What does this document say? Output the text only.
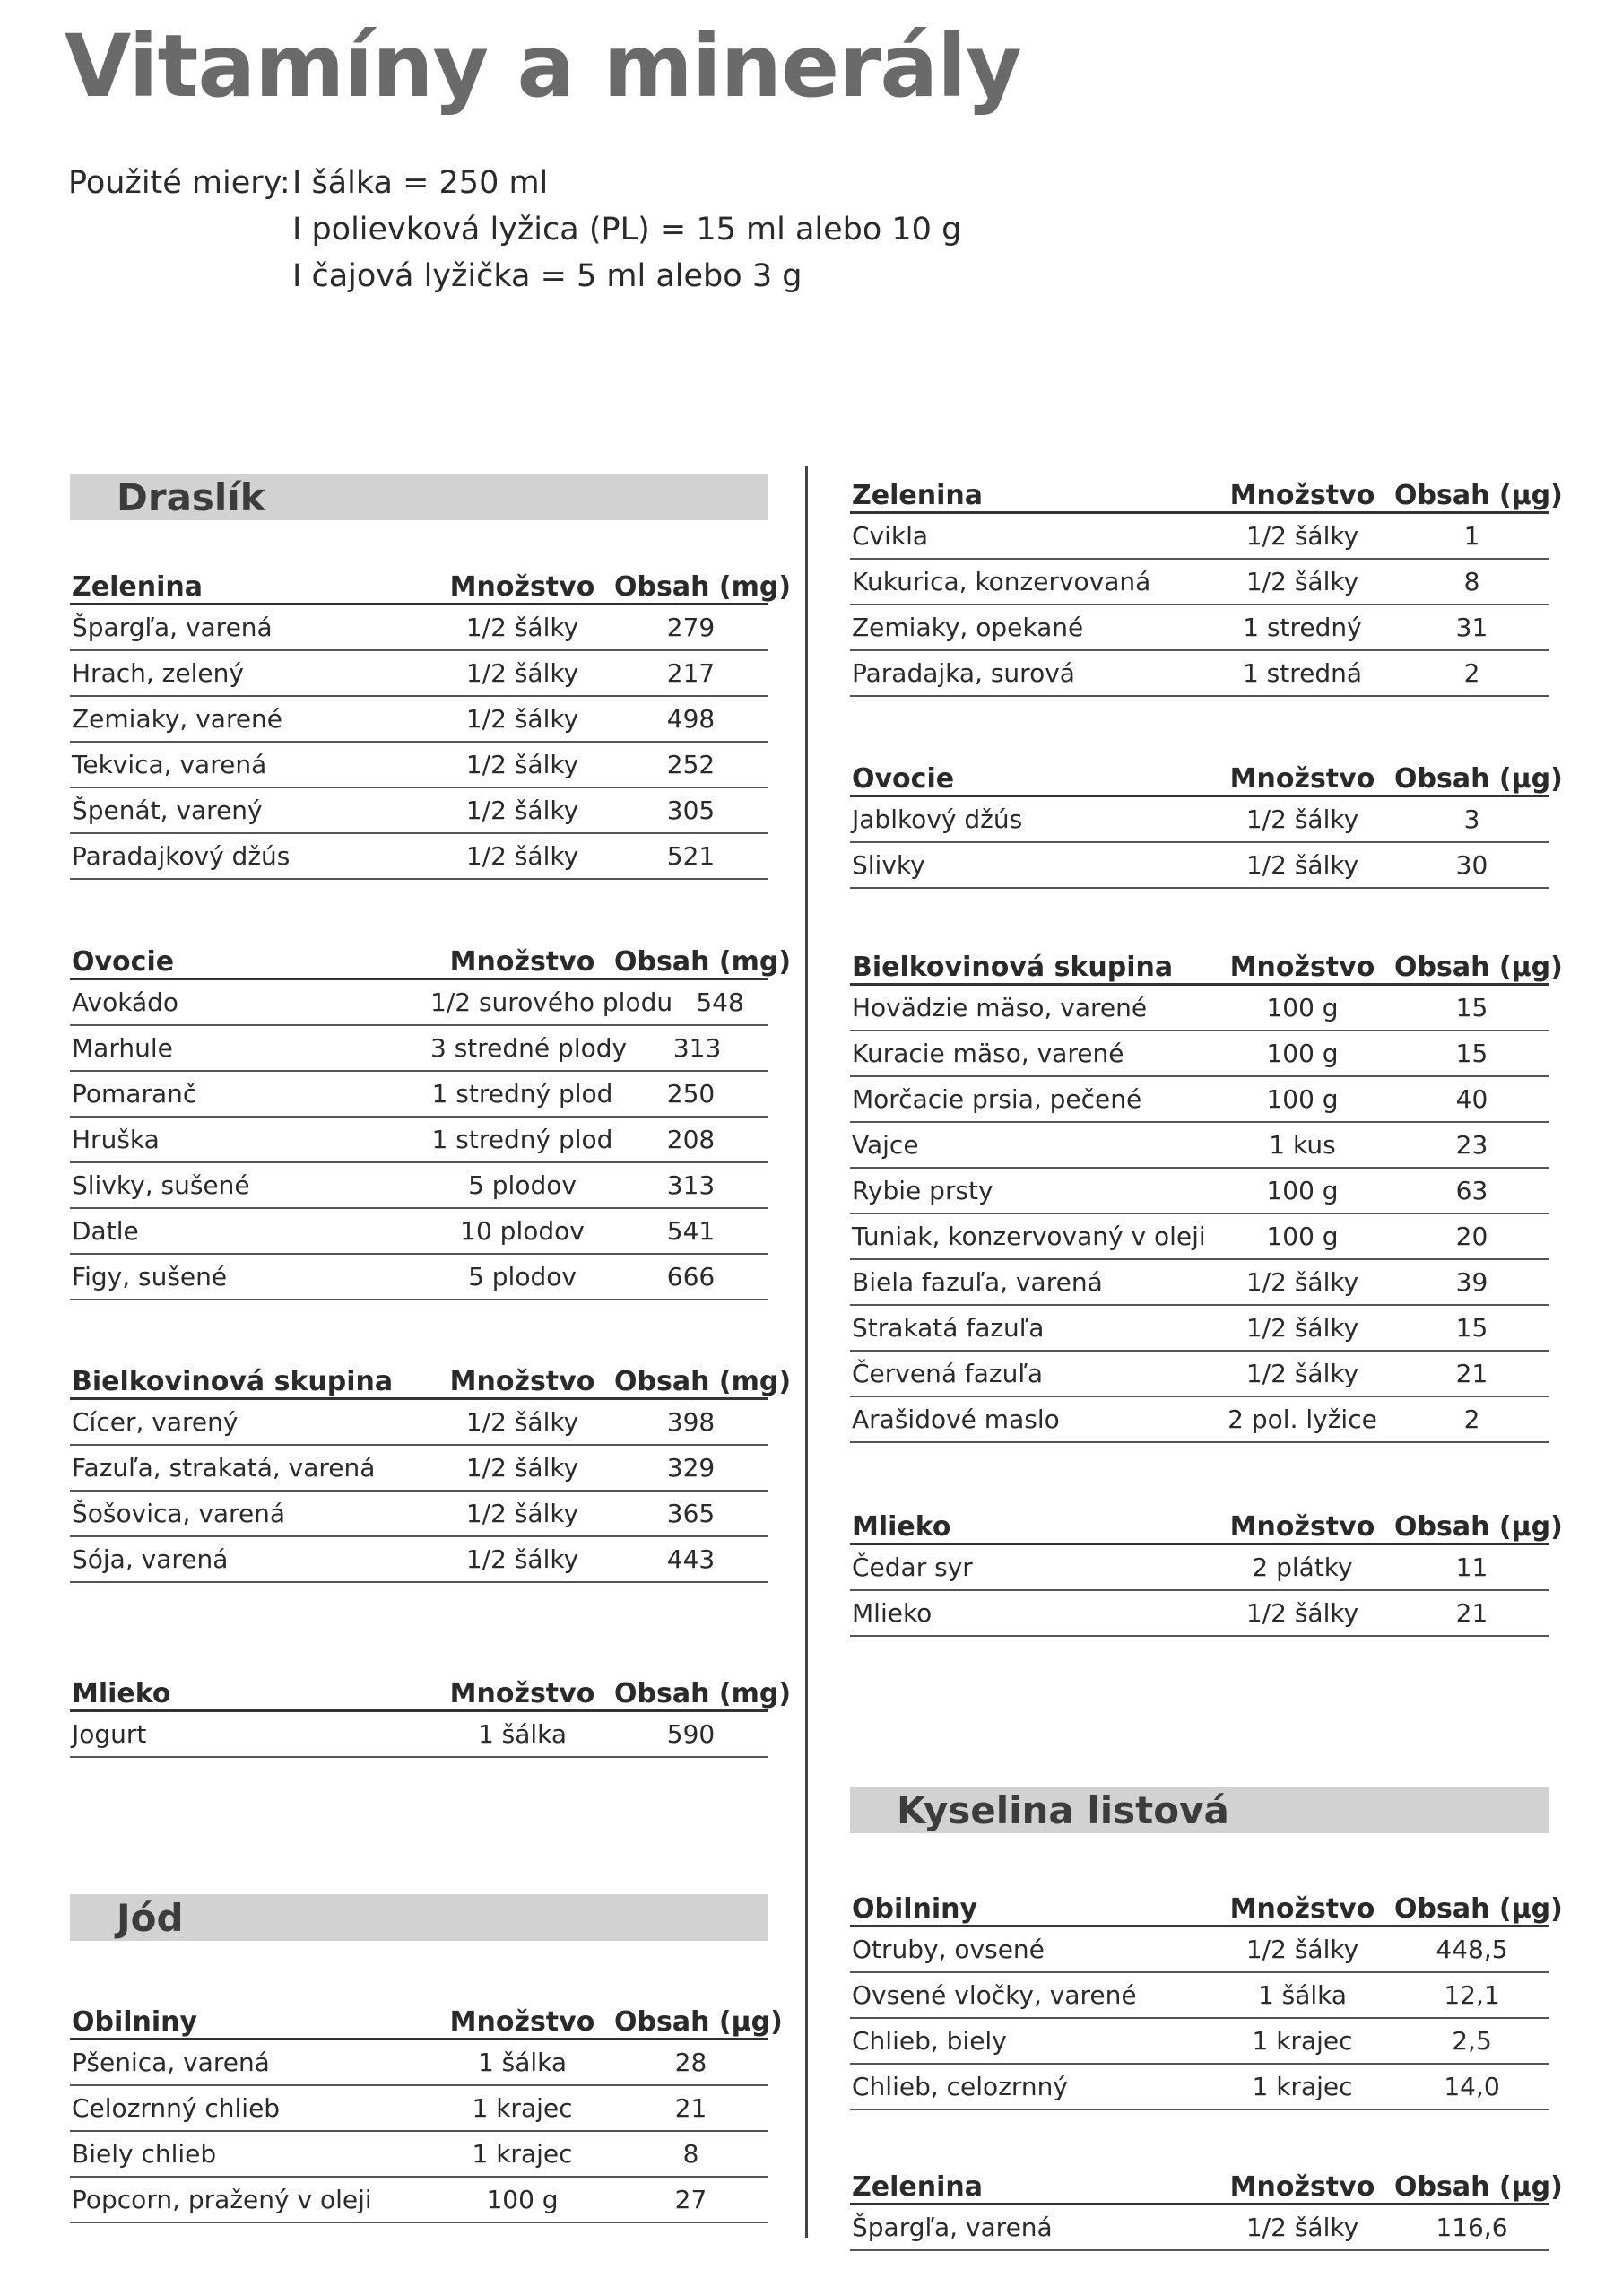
Vitamíny a minerály
Použité miery: I šálka = 250 ml
I polievková lyžica (PL) = 15 ml alebo 10 g
I čajová lyžička = 5 ml alebo 3 g
Draslík
Zelenina	Množstvo Obsah (mg)
Špargľa, varená	1/2 šálky	279
Hrach, zelený	1/2 šálky	217
Zemiaky, varené	1/2 šálky	498
Tekvica, varená	1/2 šálky	252
Špenát, varený	1/2 šálky	305
Paradajkový džús	1/2 šálky	521
Ovocie	Množstvo Obsah (mg)
Avokádo	1/2 surového plodu 548
Marhule	3 stredné plody	313
Pomaranč	1 stredný plod	250
Hruška	1 stredný plod	208
Slivky, sušené	5 plodov	313
Datle	10 plodov	541
Figy, sušené	5 plodov	666
Bielkovinová skupina	Množstvo Obsah (mg)
Cícer, varený	1/2 šálky	398
Fazuľa, strakatá, varená	1/2 šálky	329
Šošovica, varená	1/2 šálky	365
Sója, varená	1/2 šálky	443
Mlieko	Množstvo Obsah (mg)
Jogurt	1 šálka	590
Jód
Obilniny	Množstvo Obsah (µg)
Pšenica, varená	1 šálka	28
Celozrnný chlieb	1 krajec	21
Biely chlieb	1 krajec	8
Popcorn, pražený v oleji	100 g	27
Zelenina	Množstvo Obsah (µg)
Cvikla	1/2 šálky	1
Kukurica, konzervovaná	1/2 šálky	8
Zemiaky, opekané	1 stredný	31
Paradajka, surová	1 stredná	2
Ovocie	Množstvo Obsah (µg)
Jablkový džús	1/2 šálky	3
Slivky	1/2 šálky	30
Bielkovinová skupina	Množstvo Obsah (µg)
Hovädzie mäso, varené	100 g	15
Kuracie mäso, varené	100 g	15
Morčacie prsia, pečené	100 g	40
Vajce	1 kus	23
Rybie prsty	100 g	63
Tuniak, konzervovaný v oleji	100 g	20
Biela fazuľa, varená	1/2 šálky	39
Strakatá fazuľa	1/2 šálky	15
Červená fazuľa	1/2 šálky	21
Arašidové maslo	2 pol. lyžice	2
Mlieko	Množstvo Obsah (µg)
Čedar syr	2 plátky	11
Mlieko	1/2 šálky	21
Kyselina listová
Obilniny	Množstvo Obsah (µg)
Otruby, ovsené	1/2 šálky	448,5
Ovsené vločky, varené	1 šálka	12,1
Chlieb, biely	1 krajec	2,5
Chlieb, celozrnný	1 krajec	14,0
Zelenina	Množstvo Obsah (µg)
Špargľa, varená	1/2 šálky	116,6
